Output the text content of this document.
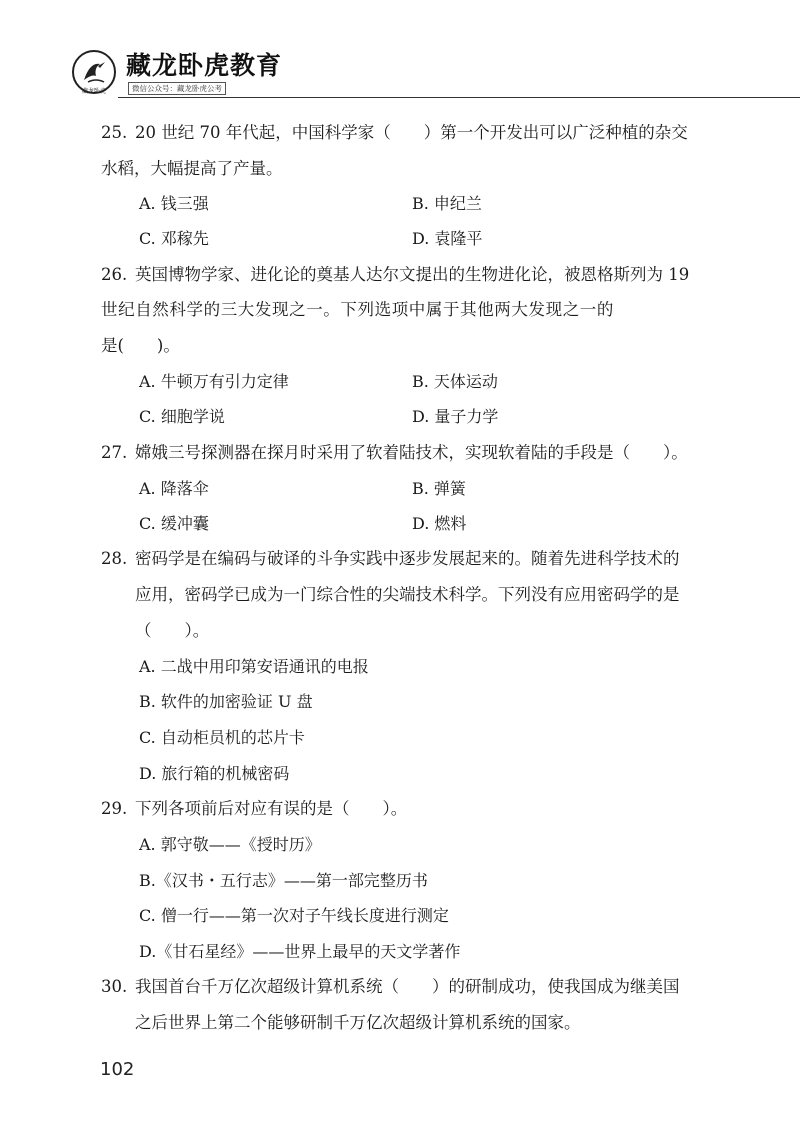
藏龙卧虎
藏龙卧虎教育
微信公众号：藏龙卧虎公考
25. 20 世纪 70 年代起，中国科学家（　　）第一个开发出可以广泛种植的杂交
水稻，大幅提高了产量。
A. 钱三强	B. 申纪兰
C. 邓稼先	D. 袁隆平
26. 英国博物学家、进化论的奠基人达尔文提出的生物进化论，被恩格斯列为 19
世纪自然科学的三大发现之一。下列选项中属于其他两大发现之一的
是(　　)。
A. 牛顿万有引力定律	B. 天体运动
C. 细胞学说	D. 量子力学
27. 嫦娥三号探测器在探月时采用了软着陆技术，实现软着陆的手段是（　　）。
A. 降落伞	B. 弹簧
C. 缓冲囊	D. 燃料
28. 密码学是在编码与破译的斗争实践中逐步发展起来的。随着先进科学技术的
应用，密码学已成为一门综合性的尖端技术科学。下列没有应用密码学的是
（　　）。
A. 二战中用印第安语通讯的电报
B. 软件的加密验证 U 盘
C. 自动柜员机的芯片卡
D. 旅行箱的机械密码
29. 下列各项前后对应有误的是（　　）。
A. 郭守敬——《授时历》
B.《汉书・五行志》——第一部完整历书
C. 僧一行——第一次对子午线长度进行测定
D.《甘石星经》——世界上最早的天文学著作
30. 我国首台千万亿次超级计算机系统（　　）的研制成功，使我国成为继美国
之后世界上第二个能够研制千万亿次超级计算机系统的国家。
102
